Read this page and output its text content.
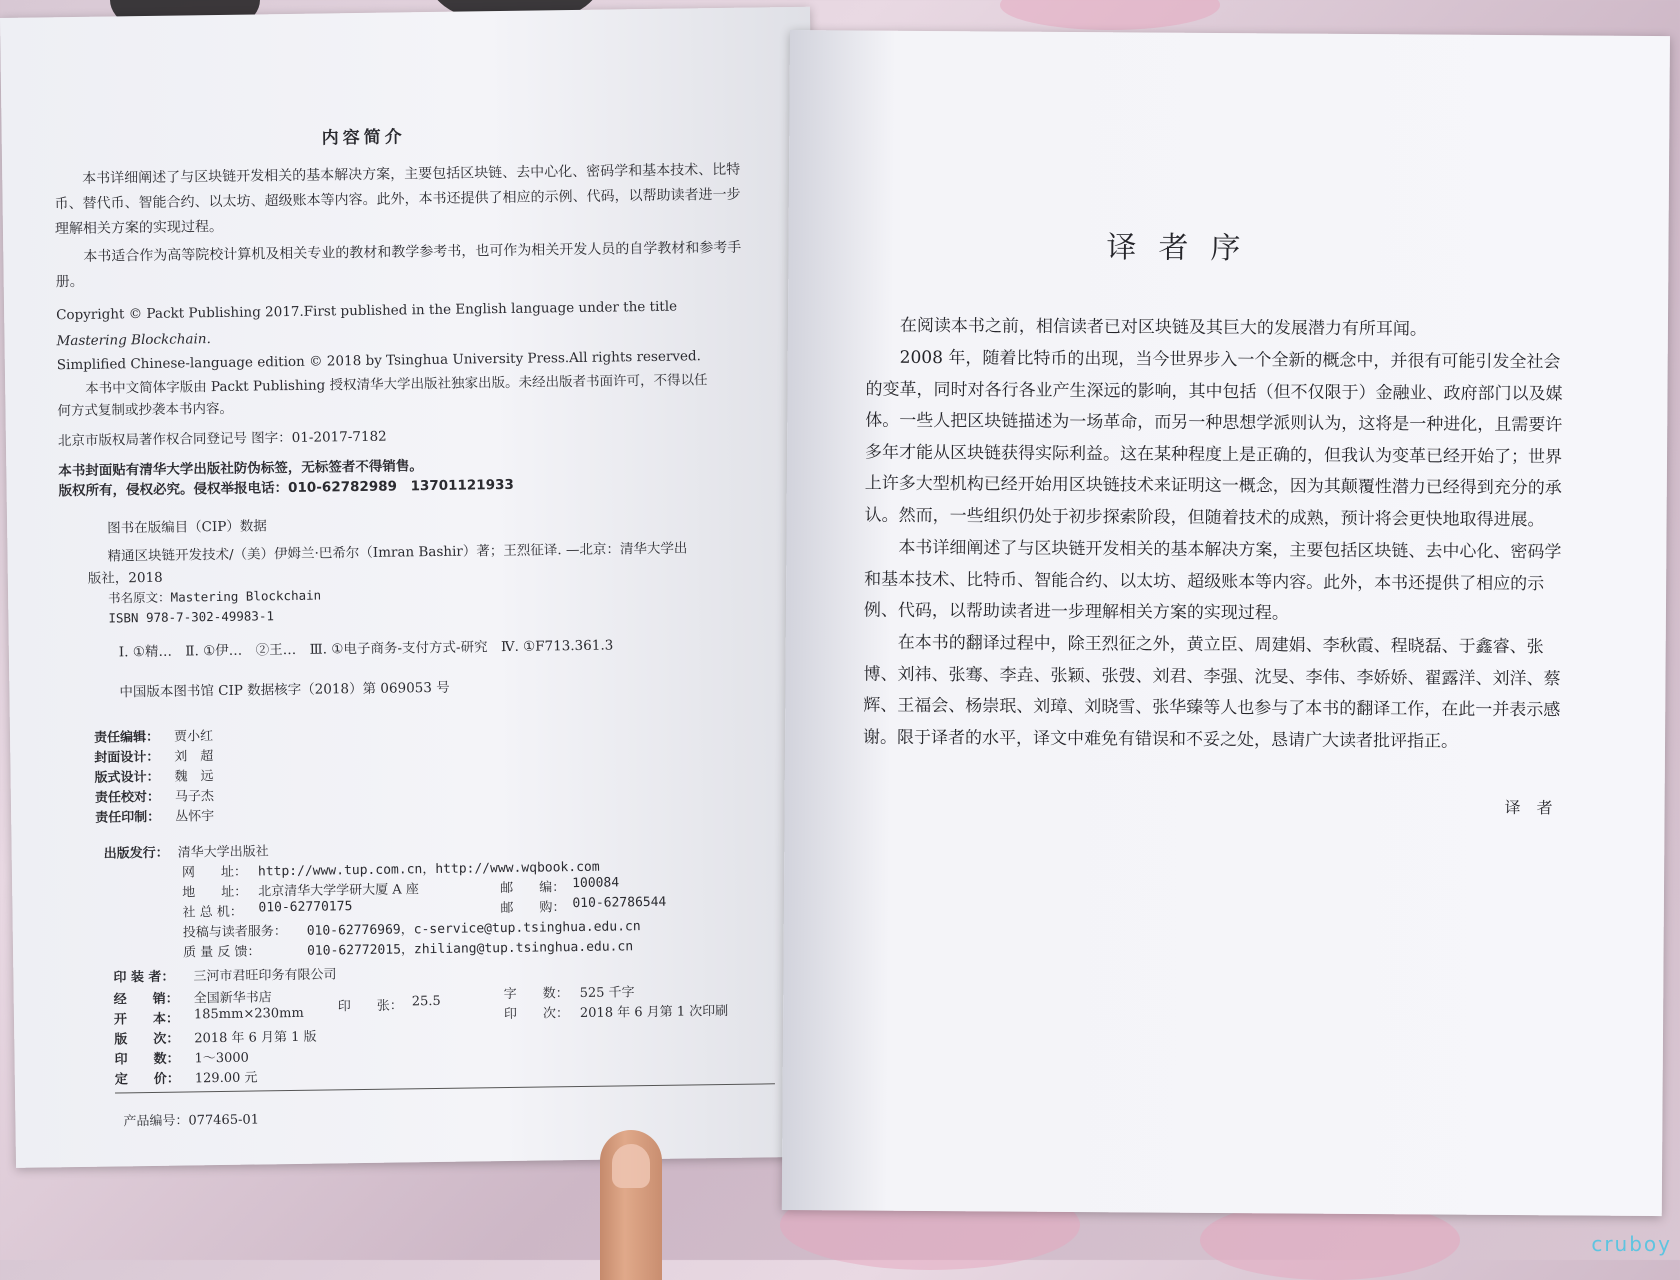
内容简介
本书详细阐述了与区块链开发相关的基本解决方案，主要包括区块链、去中心化、密码学和基本技术、比特币、替代币、智能合约、以太坊、超级账本等内容。此外，本书还提供了相应的示例、代码，以帮助读者进一步理解相关方案的实现过程。
本书适合作为高等院校计算机及相关专业的教材和教学参考书，也可作为相关开发人员的自学教材和参考手册。
Copyright © Packt Publishing 2017.First published in the English language under the title
Mastering Blockchain.
Simplified Chinese-language edition © 2018 by Tsinghua University Press.All rights reserved.
本书中文简体字版由 Packt Publishing 授权清华大学出版社独家出版。未经出版者书面许可，不得以任
何方式复制或抄袭本书内容。
北京市版权局著作权合同登记号 图字：01-2017-7182
本书封面贴有清华大学出版社防伪标签，无标签者不得销售。
版权所有，侵权必究。侵权举报电话：010-62782989　13701121933
图书在版编目（CIP）数据
精通区块链开发技术/（美）伊姆兰·巴希尔（Imran Bashir）著；王烈征译. —北京：清华大学出
版社，2018
书名原文：Mastering Blockchain
ISBN 978-7-302-49983-1
Ⅰ. ①精…　Ⅱ. ①伊…　②王…　Ⅲ. ①电子商务-支付方式-研究　Ⅳ. ①F713.361.3
中国版本图书馆 CIP 数据核字（2018）第 069053 号
责任编辑： 贾小红
封面设计： 刘　超
版式设计： 魏　远
责任校对： 马子杰
责任印制： 丛怀宇
出版发行： 清华大学出版社
网　　址： http://www.tup.com.cn，http://www.wqbook.com
地　　址： 北京清华大学学研大厦 A 座	邮　　编： 100084
社 总 机： 010-62770175	邮　　购： 010-62786544
投稿与读者服务： 010-62776969，c-service@tup.tsinghua.edu.cn
质 量 反 馈：	010-62772015，zhiliang@tup.tsinghua.edu.cn
印 装 者： 三河市君旺印务有限公司
经　　销： 全国新华书店
印　　张： 25.5	字　　数： 525 千字
开　　本： 185mm×230mm	印　　次： 2018 年 6 月第 1 次印刷
版　　次： 2018 年 6 月第 1 版
印　　数： 1～3000
定　　价： 129.00 元
产品编号：077465-01
译者序
在阅读本书之前，相信读者已对区块链及其巨大的发展潜力有所耳闻。
2008 年，随着比特币的出现，当今世界步入一个全新的概念中，并很有可能引发全社会的变革，同时对各行各业产生深远的影响，其中包括（但不仅限于）金融业、政府部门以及媒体。一些人把区块链描述为一场革命，而另一种思想学派则认为，这将是一种进化，且需要许多年才能从区块链获得实际利益。这在某种程度上是正确的，但我认为变革已经开始了；世界上许多大型机构已经开始用区块链技术来证明这一概念，因为其颠覆性潜力已经得到充分的承认。然而，一些组织仍处于初步探索阶段，但随着技术的成熟，预计将会更快地取得进展。
本书详细阐述了与区块链开发相关的基本解决方案，主要包括区块链、去中心化、密码学和基本技术、比特币、智能合约、以太坊、超级账本等内容。此外，本书还提供了相应的示例、代码，以帮助读者进一步理解相关方案的实现过程。
在本书的翻译过程中，除王烈征之外，黄立臣、周建娟、李秋霞、程晓磊、于鑫睿、张博、刘祎、张骞、李垚、张颖、张弢、刘君、李强、沈旻、李伟、李娇娇、翟露洋、刘洋、蔡辉、王福会、杨崇珉、刘璋、刘晓雪、张华臻等人也参与了本书的翻译工作，在此一并表示感谢。 限于译者的水平，译文中难免有错误和不妥之处，恳请广大读者批评指正。
译者
cruboy
